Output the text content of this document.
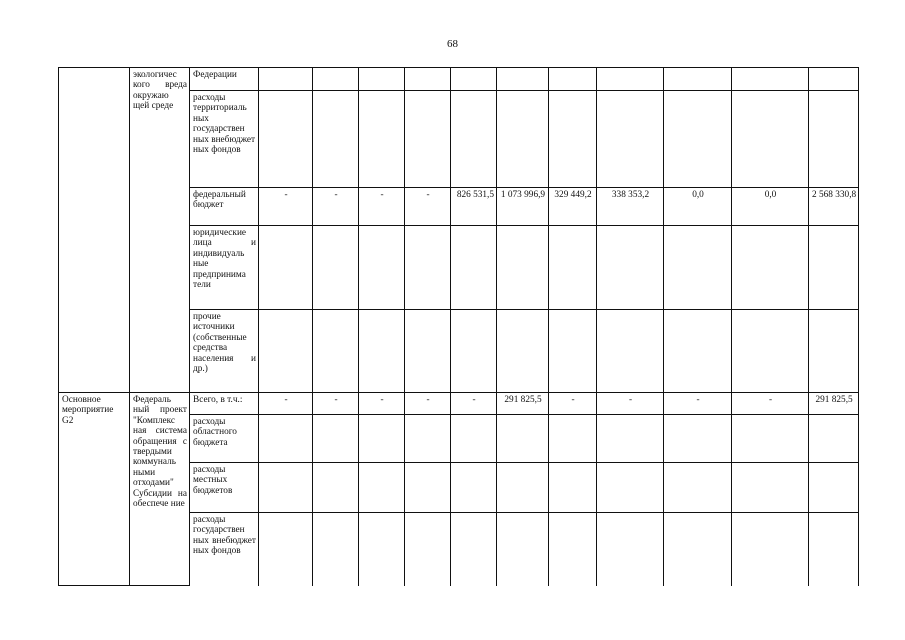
68
	экологичес кого вреда окружаю щей среде	Федерации											
		расходы территориаль ных государствен ных внебюджет ных фондов											
		федеральный бюджет	-	-	-	-	826 531,5	1 073 996,9	329 449,2	338 353,2	0,0	0,0	2 568 330,8
		юридические лица и индивидуаль ные предпринима тели											
		прочие источники (собственные средства населения и др.)											
Основное мероприятие G2	Федераль ный проект "Комплекс ная система обращения с твердыми коммуналь ными отходами" Субсидии на обеспече ние	Всего, в т.ч.:	-	-	-	-	-	291 825,5	-	-	-	-	291 825,5
		расходы областного бюджета											
		расходы местных бюджетов											
		расходы государствен ных внебюджет ных фондов											
